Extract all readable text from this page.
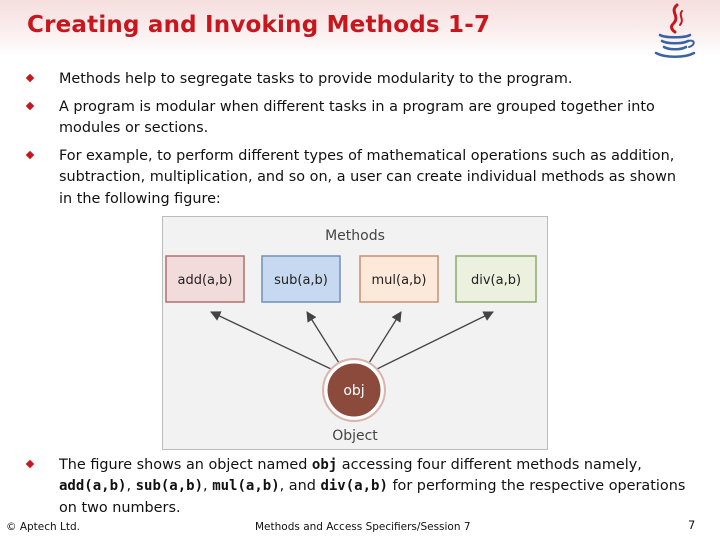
Creating and Invoking Methods 1-7

Methods help to segregate tasks to provide modularity to the program.

A program is modular when different tasks in a program are grouped together into modules or sections.

For example, to perform different types of mathematical operations such as addition, subtraction, multiplication, and so on, a user can create individual methods as shown in the following figure:

The figure shows an object named obj accessing four different methods namely, add(a,b), sub(a,b), mul(a,b), and div(a,b) for performing the respective operations on two numbers.

Methods
add(a,b)	sub(a,b)	mul(a,b)	div(a,b)
obj
Object
© Aptech Ltd.	Methods and Access Specifiers/Session 7	7
